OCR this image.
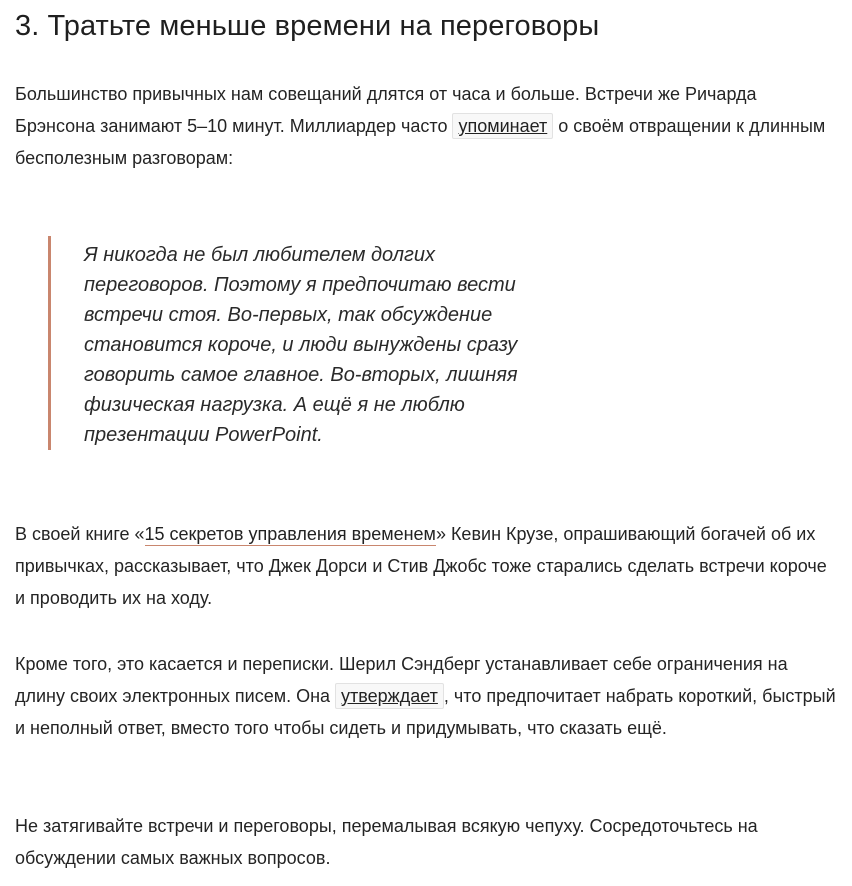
3. Тратьте меньше времени на переговоры

Большинство привычных нам совещаний длятся от часа и больше. Встречи же Ричарда Брэнсона занимают 5–10 минут. Миллиардер часто упоминает о своём отвращении к длинным бесполезным разговорам:

Я никогда не был любителем долгих переговоров. Поэтому я предпочитаю вести встречи стоя. Во-первых, так обсуждение становится короче, и люди вынуждены сразу говорить самое главное. Во-вторых, лишняя физическая нагрузка. А ещё я не люблю презентации PowerPoint.

В своей книге «15 секретов управления временем» Кевин Крузе, опрашивающий богачей об их привычках, рассказывает, что Джек Дорси и Стив Джобс тоже старались сделать встречи короче и проводить их на ходу.

Кроме того, это касается и переписки. Шерил Сэндберг устанавливает себе ограничения на длину своих электронных писем. Она утверждает , что предпочитает набрать короткий, быстрый и неполный ответ, вместо того чтобы сидеть и придумывать, что сказать ещё.

Не затягивайте встречи и переговоры, перемалывая всякую чепуху. Сосредоточьтесь на обсуждении самых важных вопросов.
